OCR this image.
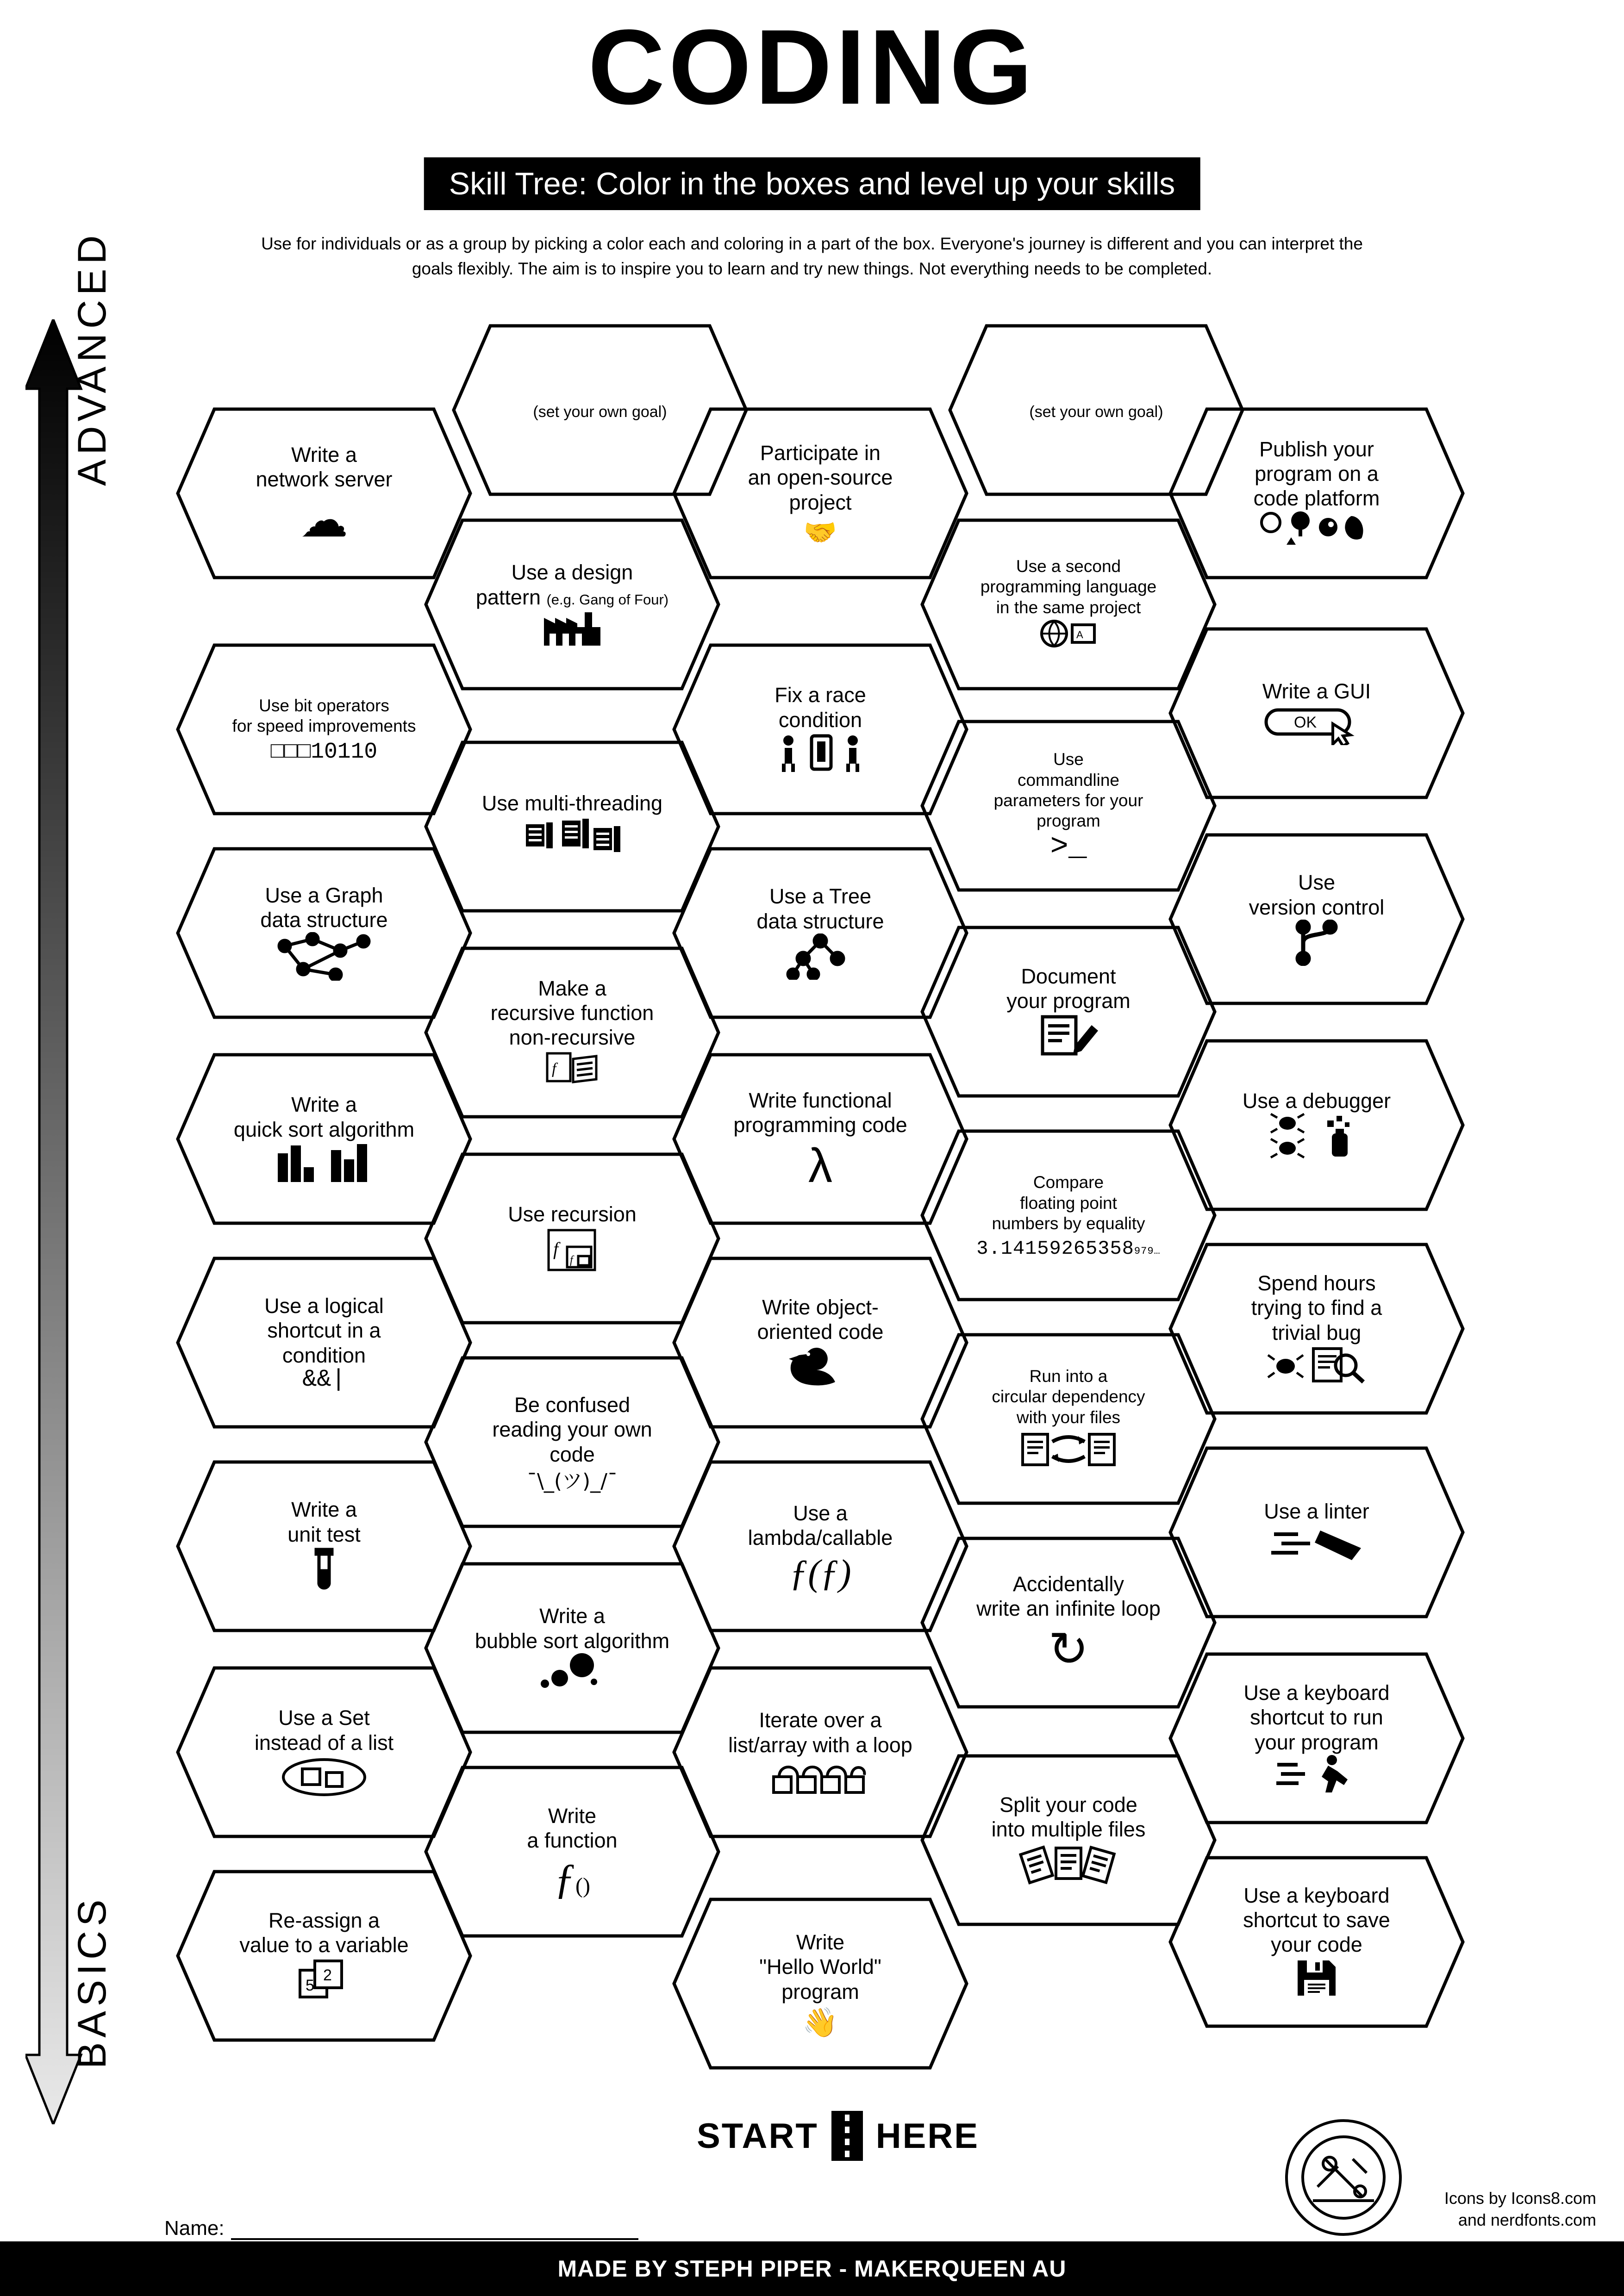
CODING
Skill Tree: Color in the boxes and level up your skills
Use for individuals or as a group by picking a color each and coloring in a part of the box. Everyone's journey is different and you can interpret the goals flexibly. The aim is to inspire you to learn and try new things. Not everything needs to be completed.
ADVANCED
BASICS
(set your own goal)	(set your own goal)
Write a
network server
☁
Use bit operators
for speed improvements
□□□10110
Use a Graph
data structure
Write a
quick sort algorithm
Use a logical
shortcut in a
condition
&&|
Write a
unit test
Use a Set
instead of a list
Re-assign a
value to a variable
5
2
Use a design
pattern (e.g. Gang of Four)
Use multi-threading
Make a
recursive function
non-recursive
f
Use recursion
f
f
Be confused
reading your own
code
¯\_(ツ)_/¯
Write a
bubble sort algorithm
Write
a function
ƒ()
Participate in
an open-source
project
🤝
Fix a race
condition
Use a Tree
data structure
Write functional
programming code
λ
Write object-
oriented code
Use a
lambda/callable
ƒ(ƒ)
Iterate over a
list/array with a loop
Write
"Hello World"
program
👋
Use a second
programming language
in the same project
A
Use
commandline
parameters for your
program
>_
Document
your program
Compare
floating point
numbers by equality
3.14159265358979…
Run into a
circular dependency
with your files
Accidentally
write an infinite loop
↻
Split your code
into multiple files
Publish your
program on a
code platform
Write a GUI
OK
Use
version control
Use a debugger
Spend hours
trying to find a
trivial bug
Use a linter
Use a keyboard
shortcut to run
your program
Use a keyboard
shortcut to save
your code
START HERE
Name:
Icons by Icons8.com
and nerdfonts.com
MADE BY STEPH PIPER - MAKERQUEEN AU
